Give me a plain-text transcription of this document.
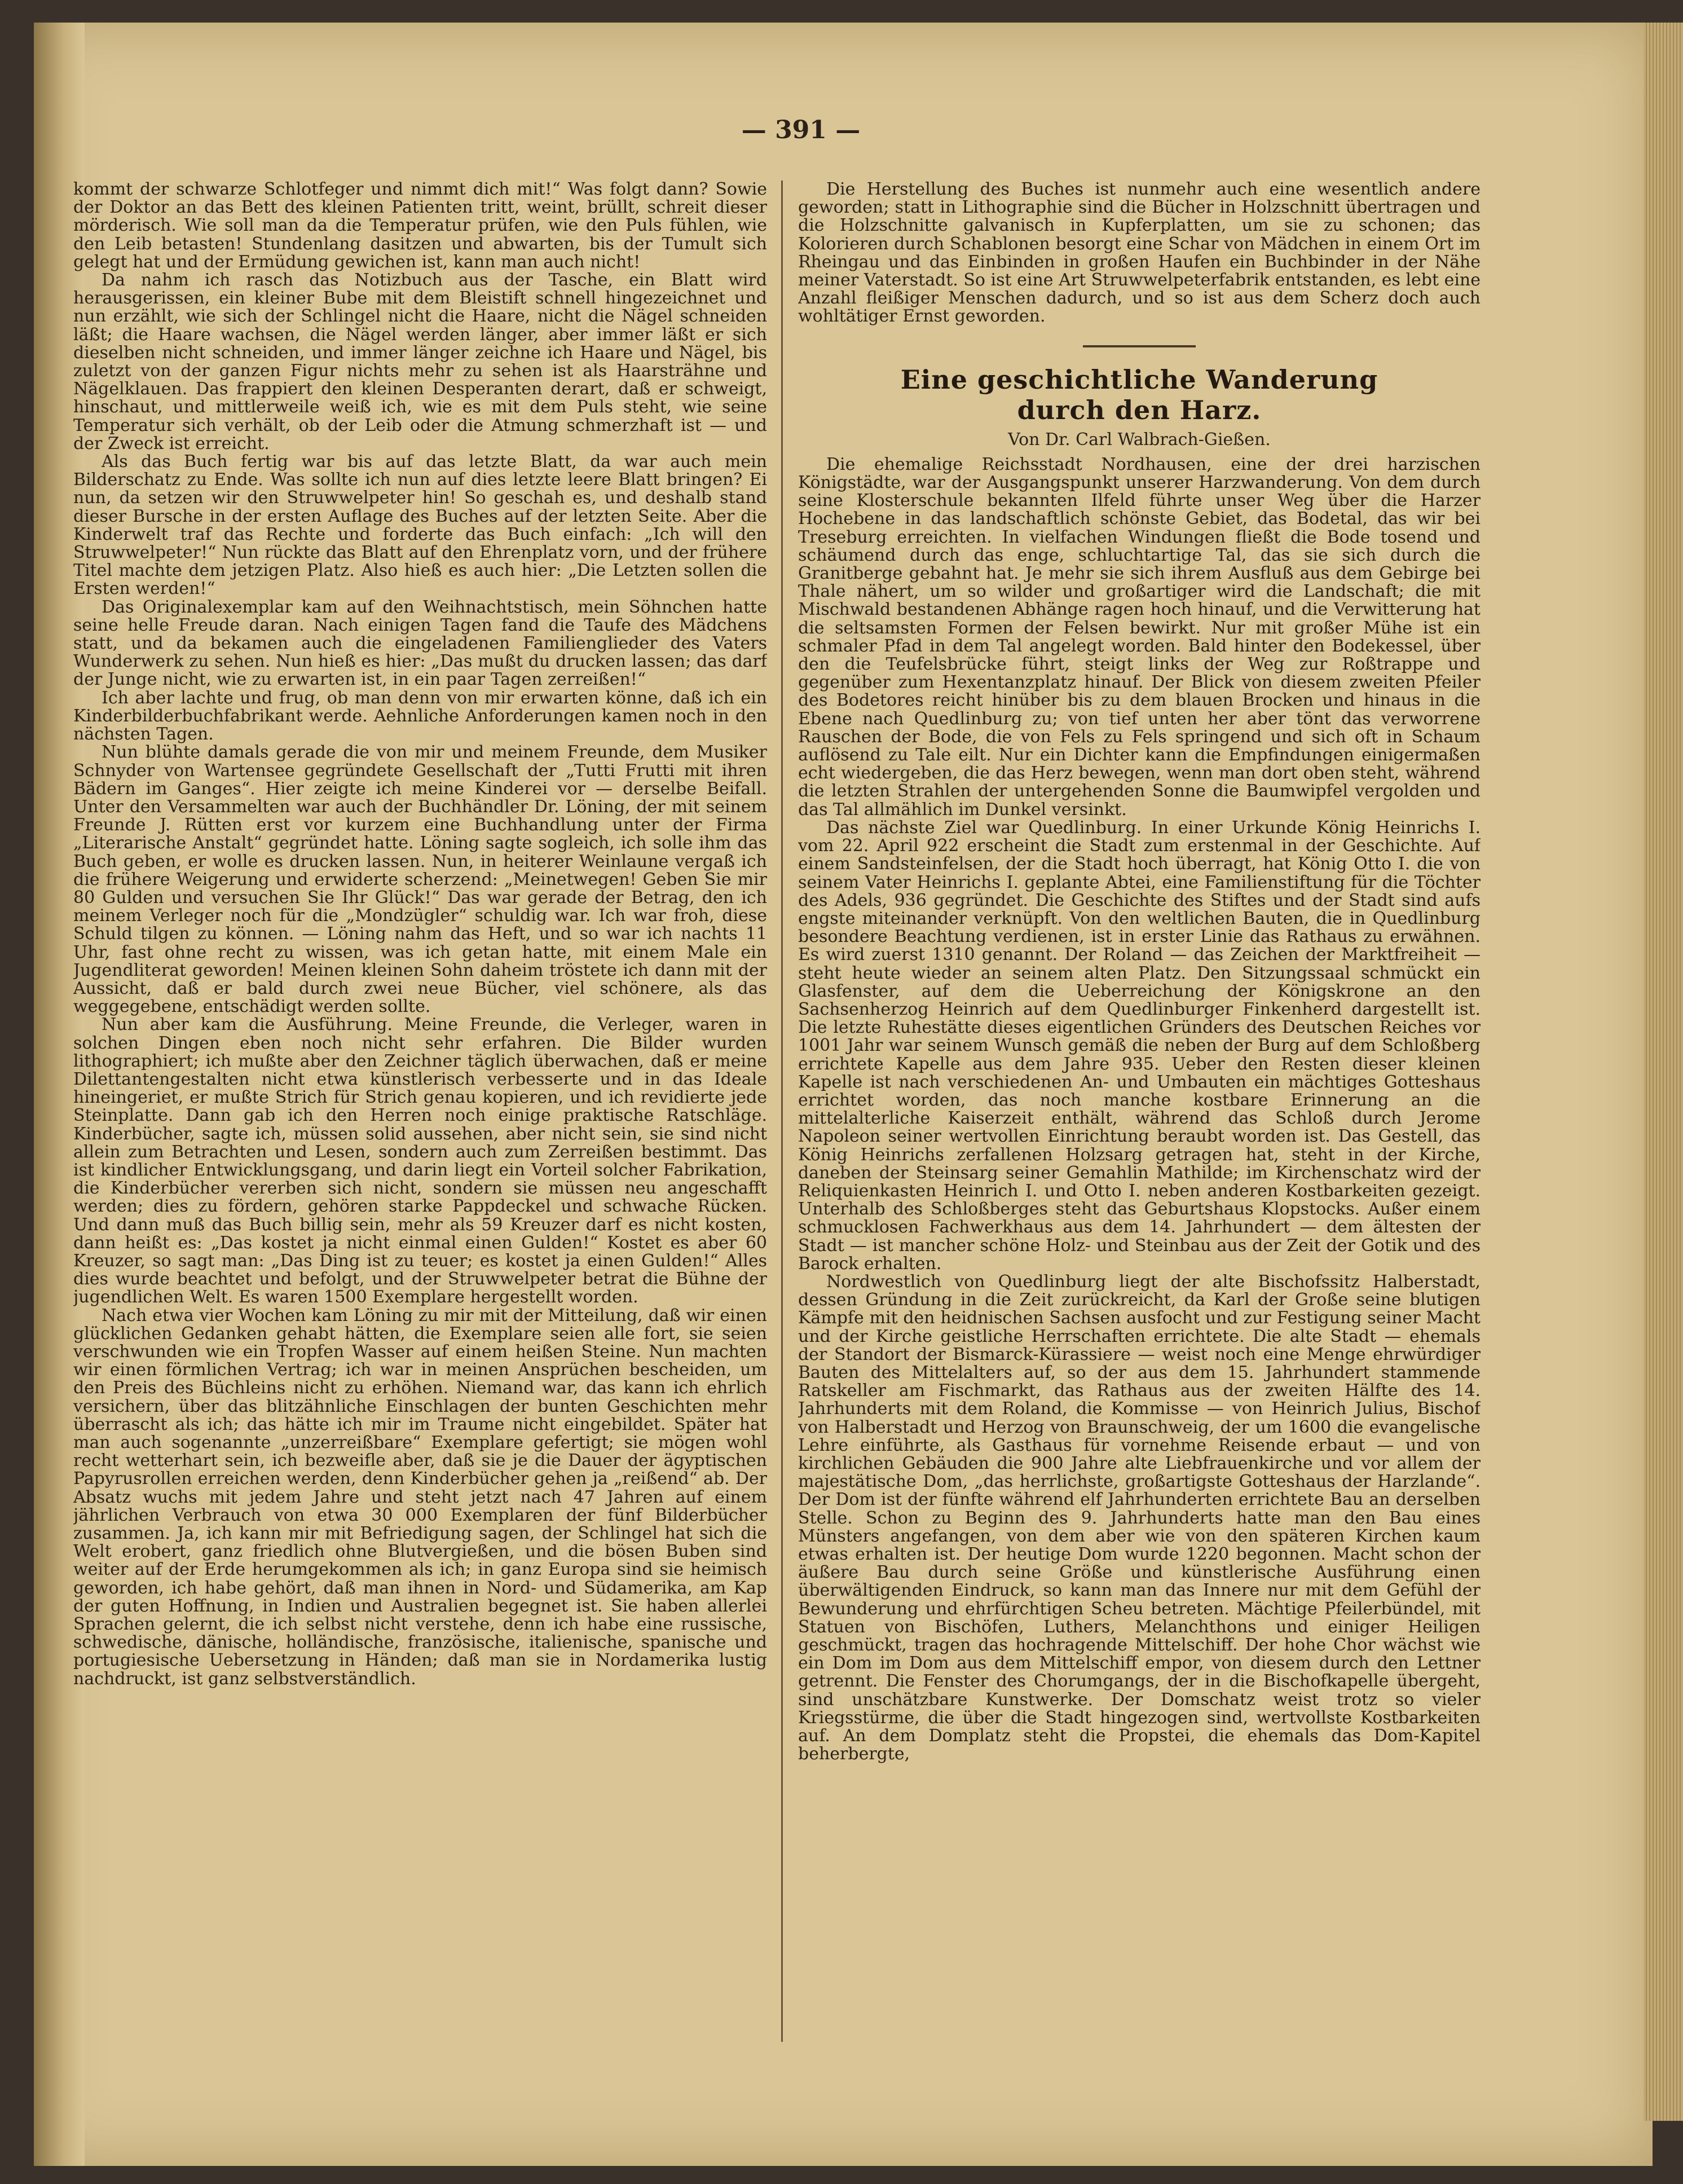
— 391 —

kommt der schwarze Schlotfeger und nimmt dich mit!“ Was folgt dann? Sowie der Doktor an das Bett des kleinen Patienten tritt, weint, brüllt, schreit dieser mörderisch. Wie soll man da die Temperatur prüfen, wie den Puls fühlen, wie den Leib betasten! Stundenlang dasitzen und abwarten, bis der Tumult sich gelegt hat und der Ermüdung gewichen ist, kann man auch nicht!

Da nahm ich rasch das Notizbuch aus der Tasche, ein Blatt wird herausgerissen, ein kleiner Bube mit dem Bleistift schnell hingezeichnet und nun erzählt, wie sich der Schlingel nicht die Haare, nicht die Nägel schneiden läßt; die Haare wachsen, die Nägel werden länger, aber immer läßt er sich dieselben nicht schneiden, und immer länger zeichne ich Haare und Nägel, bis zuletzt von der ganzen Figur nichts mehr zu sehen ist als Haarsträhne und Nägelklauen. Das frappiert den kleinen Desperanten derart, daß er schweigt, hinschaut, und mittlerweile weiß ich, wie es mit dem Puls steht, wie seine Temperatur sich verhält, ob der Leib oder die Atmung schmerzhaft ist — und der Zweck ist erreicht.

Als das Buch fertig war bis auf das letzte Blatt, da war auch mein Bilderschatz zu Ende. Was sollte ich nun auf dies letzte leere Blatt bringen? Ei nun, da setzen wir den Struwwelpeter hin! So geschah es, und deshalb stand dieser Bursche in der ersten Auflage des Buches auf der letzten Seite. Aber die Kinderwelt traf das Rechte und forderte das Buch einfach: „Ich will den Struwwelpeter!“ Nun rückte das Blatt auf den Ehrenplatz vorn, und der frühere Titel machte dem jetzigen Platz. Also hieß es auch hier: „Die Letzten sollen die Ersten werden!“

Das Originalexemplar kam auf den Weihnachtstisch, mein Söhnchen hatte seine helle Freude daran. Nach einigen Tagen fand die Taufe des Mädchens statt, und da bekamen auch die eingeladenen Familienglieder des Vaters Wunderwerk zu sehen. Nun hieß es hier: „Das mußt du drucken lassen; das darf der Junge nicht, wie zu erwarten ist, in ein paar Tagen zerreißen!“

Ich aber lachte und frug, ob man denn von mir erwarten könne, daß ich ein Kinderbilderbuchfabrikant werde. Aehnliche Anforderungen kamen noch in den nächsten Tagen.

Nun blühte damals gerade die von mir und meinem Freunde, dem Musiker Schnyder von Wartensee gegründete Gesellschaft der „Tutti Frutti mit ihren Bädern im Ganges“. Hier zeigte ich meine Kinderei vor — derselbe Beifall. Unter den Versammelten war auch der Buchhändler Dr. Löning, der mit seinem Freunde J. Rütten erst vor kurzem eine Buchhandlung unter der Firma „Literarische Anstalt“ gegründet hatte. Löning sagte sogleich, ich solle ihm das Buch geben, er wolle es drucken lassen. Nun, in heiterer Weinlaune vergaß ich die frühere Weigerung und erwiderte scherzend: „Meinetwegen! Geben Sie mir 80 Gulden und versuchen Sie Ihr Glück!“ Das war gerade der Betrag, den ich meinem Verleger noch für die „Mondzügler“ schuldig war. Ich war froh, diese Schuld tilgen zu können. — Löning nahm das Heft, und so war ich nachts 11 Uhr, fast ohne recht zu wissen, was ich getan hatte, mit einem Male ein Jugendliterat geworden! Meinen kleinen Sohn daheim tröstete ich dann mit der Aussicht, daß er bald durch zwei neue Bücher, viel schönere, als das weggegebene, entschädigt werden sollte.

Nun aber kam die Ausführung. Meine Freunde, die Verleger, waren in solchen Dingen eben noch nicht sehr erfahren. Die Bilder wurden lithographiert; ich mußte aber den Zeichner täglich überwachen, daß er meine Dilettantengestalten nicht etwa künstlerisch verbesserte und in das Ideale hineingeriet, er mußte Strich für Strich genau kopieren, und ich revidierte jede Steinplatte. Dann gab ich den Herren noch einige praktische Ratschläge. Kinderbücher, sagte ich, müssen solid aussehen, aber nicht sein, sie sind nicht allein zum Betrachten und Lesen, sondern auch zum Zerreißen bestimmt. Das ist kindlicher Entwicklungsgang, und darin liegt ein Vorteil solcher Fabrikation, die Kinderbücher vererben sich nicht, sondern sie müssen neu angeschafft werden; dies zu fördern, gehören starke Pappdeckel und schwache Rücken. Und dann muß das Buch billig sein, mehr als 59 Kreuzer darf es nicht kosten, dann heißt es: „Das kostet ja nicht einmal einen Gulden!“ Kostet es aber 60 Kreuzer, so sagt man: „Das Ding ist zu teuer; es kostet ja einen Gulden!“ Alles dies wurde beachtet und befolgt, und der Struwwelpeter betrat die Bühne der jugendlichen Welt. Es waren 1500 Exemplare hergestellt worden.

Nach etwa vier Wochen kam Löning zu mir mit der Mitteilung, daß wir einen glücklichen Gedanken gehabt hätten, die Exemplare seien alle fort, sie seien verschwunden wie ein Tropfen Wasser auf einem heißen Steine. Nun machten wir einen förmlichen Vertrag; ich war in meinen Ansprüchen bescheiden, um den Preis des Büchleins nicht zu erhöhen. Niemand war, das kann ich ehrlich versichern, über das blitzähnliche Einschlagen der bunten Geschichten mehr überrascht als ich; das hätte ich mir im Traume nicht eingebildet. Später hat man auch sogenannte „unzerreißbare“ Exemplare gefertigt; sie mögen wohl recht wetterhart sein, ich bezweifle aber, daß sie je die Dauer der ägyptischen Papyrusrollen erreichen werden, denn Kinderbücher gehen ja „reißend“ ab. Der Absatz wuchs mit jedem Jahre und steht jetzt nach 47 Jahren auf einem jährlichen Verbrauch von etwa 30 000 Exemplaren der fünf Bilderbücher zusammen. Ja, ich kann mir mit Befriedigung sagen, der Schlingel hat sich die Welt erobert, ganz friedlich ohne Blutvergießen, und die bösen Buben sind weiter auf der Erde herumgekommen als ich; in ganz Europa sind sie heimisch geworden, ich habe gehört, daß man ihnen in Nord- und Südamerika, am Kap der guten Hoffnung, in Indien und Australien begegnet ist. Sie haben allerlei Sprachen gelernt, die ich selbst nicht verstehe, denn ich habe eine russische, schwedische, dänische, holländische, französische, italienische, spanische und portugiesische Uebersetzung in Händen; daß man sie in Nordamerika lustig nachdruckt, ist ganz selbstverständlich.

Die Herstellung des Buches ist nunmehr auch eine wesentlich andere geworden; statt in Lithographie sind die Bücher in Holzschnitt übertragen und die Holzschnitte galvanisch in Kupferplatten, um sie zu schonen; das Kolorieren durch Schablonen besorgt eine Schar von Mädchen in einem Ort im Rheingau und das Einbinden in großen Haufen ein Buchbinder in der Nähe meiner Vaterstadt. So ist eine Art Struwwelpeterfabrik entstanden, es lebt eine Anzahl fleißiger Menschen dadurch, und so ist aus dem Scherz doch auch wohltätiger Ernst geworden.

Eine geschichtliche Wanderung
durch den Harz.
Von Dr. Carl Walbrach-Gießen.

Die ehemalige Reichsstadt Nordhausen, eine der drei harzischen Königstädte, war der Ausgangspunkt unserer Harzwanderung. Von dem durch seine Klosterschule bekannten Ilfeld führte unser Weg über die Harzer Hochebene in das landschaftlich schönste Gebiet, das Bodetal, das wir bei Treseburg erreichten. In vielfachen Windungen fließt die Bode tosend und schäumend durch das enge, schluchtartige Tal, das sie sich durch die Granitberge gebahnt hat. Je mehr sie sich ihrem Ausfluß aus dem Gebirge bei Thale nähert, um so wilder und großartiger wird die Landschaft; die mit Mischwald bestandenen Abhänge ragen hoch hinauf, und die Verwitterung hat die seltsamsten Formen der Felsen bewirkt. Nur mit großer Mühe ist ein schmaler Pfad in dem Tal angelegt worden. Bald hinter den Bodekessel, über den die Teufelsbrücke führt, steigt links der Weg zur Roßtrappe und gegenüber zum Hexentanzplatz hinauf. Der Blick von diesem zweiten Pfeiler des Bodetores reicht hinüber bis zu dem blauen Brocken und hinaus in die Ebene nach Quedlinburg zu; von tief unten her aber tönt das verworrene Rauschen der Bode, die von Fels zu Fels springend und sich oft in Schaum auflösend zu Tale eilt. Nur ein Dichter kann die Empfindungen einigermaßen echt wiedergeben, die das Herz bewegen, wenn man dort oben steht, während die letzten Strahlen der untergehenden Sonne die Baumwipfel vergolden und das Tal allmählich im Dunkel versinkt.

Das nächste Ziel war Quedlinburg. In einer Urkunde König Heinrichs I. vom 22. April 922 erscheint die Stadt zum erstenmal in der Geschichte. Auf einem Sandsteinfelsen, der die Stadt hoch überragt, hat König Otto I. die von seinem Vater Heinrichs I. geplante Abtei, eine Familienstiftung für die Töchter des Adels, 936 gegründet. Die Geschichte des Stiftes und der Stadt sind aufs engste miteinander verknüpft. Von den weltlichen Bauten, die in Quedlinburg besondere Beachtung verdienen, ist in erster Linie das Rathaus zu erwähnen. Es wird zuerst 1310 genannt. Der Roland — das Zeichen der Marktfreiheit — steht heute wieder an seinem alten Platz. Den Sitzungssaal schmückt ein Glasfenster, auf dem die Ueberreichung der Königskrone an den Sachsenherzog Heinrich auf dem Quedlinburger Finkenherd dargestellt ist. Die letzte Ruhestätte dieses eigentlichen Gründers des Deutschen Reiches vor 1001 Jahr war seinem Wunsch gemäß die neben der Burg auf dem Schloßberg errichtete Kapelle aus dem Jahre 935. Ueber den Resten dieser kleinen Kapelle ist nach verschiedenen An- und Umbauten ein mächtiges Gotteshaus errichtet worden, das noch manche kostbare Erinnerung an die mittelalterliche Kaiserzeit enthält, während das Schloß durch Jerome Napoleon seiner wertvollen Einrichtung beraubt worden ist. Das Gestell, das König Heinrichs zerfallenen Holzsarg getragen hat, steht in der Kirche, daneben der Steinsarg seiner Gemahlin Mathilde; im Kirchenschatz wird der Reliquienkasten Heinrich I. und Otto I. neben anderen Kostbarkeiten gezeigt. Unterhalb des Schloßberges steht das Geburtshaus Klopstocks. Außer einem schmucklosen Fachwerkhaus aus dem 14. Jahrhundert — dem ältesten der Stadt — ist mancher schöne Holz- und Steinbau aus der Zeit der Gotik und des Barock erhalten.

Nordwestlich von Quedlinburg liegt der alte Bischofssitz Halberstadt, dessen Gründung in die Zeit zurückreicht, da Karl der Große seine blutigen Kämpfe mit den heidnischen Sachsen ausfocht und zur Festigung seiner Macht und der Kirche geistliche Herrschaften errichtete. Die alte Stadt — ehemals der Standort der Bismarck-Kürassiere — weist noch eine Menge ehrwürdiger Bauten des Mittelalters auf, so der aus dem 15. Jahrhundert stammende Ratskeller am Fischmarkt, das Rathaus aus der zweiten Hälfte des 14. Jahrhunderts mit dem Roland, die Kommisse — von Heinrich Julius, Bischof von Halberstadt und Herzog von Braunschweig, der um 1600 die evangelische Lehre einführte, als Gasthaus für vornehme Reisende erbaut — und von kirchlichen Gebäuden die 900 Jahre alte Liebfrauenkirche und vor allem der majestätische Dom, „das herrlichste, großartigste Gotteshaus der Harzlande“. Der Dom ist der fünfte während elf Jahrhunderten errichtete Bau an derselben Stelle. Schon zu Beginn des 9. Jahrhunderts hatte man den Bau eines Münsters angefangen, von dem aber wie von den späteren Kirchen kaum etwas erhalten ist. Der heutige Dom wurde 1220 begonnen. Macht schon der äußere Bau durch seine Größe und künstlerische Ausführung einen überwältigenden Eindruck, so kann man das Innere nur mit dem Gefühl der Bewunderung und ehrfürchtigen Scheu betreten. Mächtige Pfeilerbündel, mit Statuen von Bischöfen, Luthers, Melanchthons und einiger Heiligen geschmückt, tragen das hochragende Mittelschiff. Der hohe Chor wächst wie ein Dom im Dom aus dem Mittelschiff empor, von diesem durch den Lettner getrennt. Die Fenster des Chorumgangs, der in die Bischofkapelle übergeht, sind unschätzbare Kunstwerke. Der Domschatz weist trotz so vieler Kriegsstürme, die über die Stadt hingezogen sind, wertvollste Kostbarkeiten auf. An dem Domplatz steht die Propstei, die ehemals das Dom-Kapitel beherbergte,
